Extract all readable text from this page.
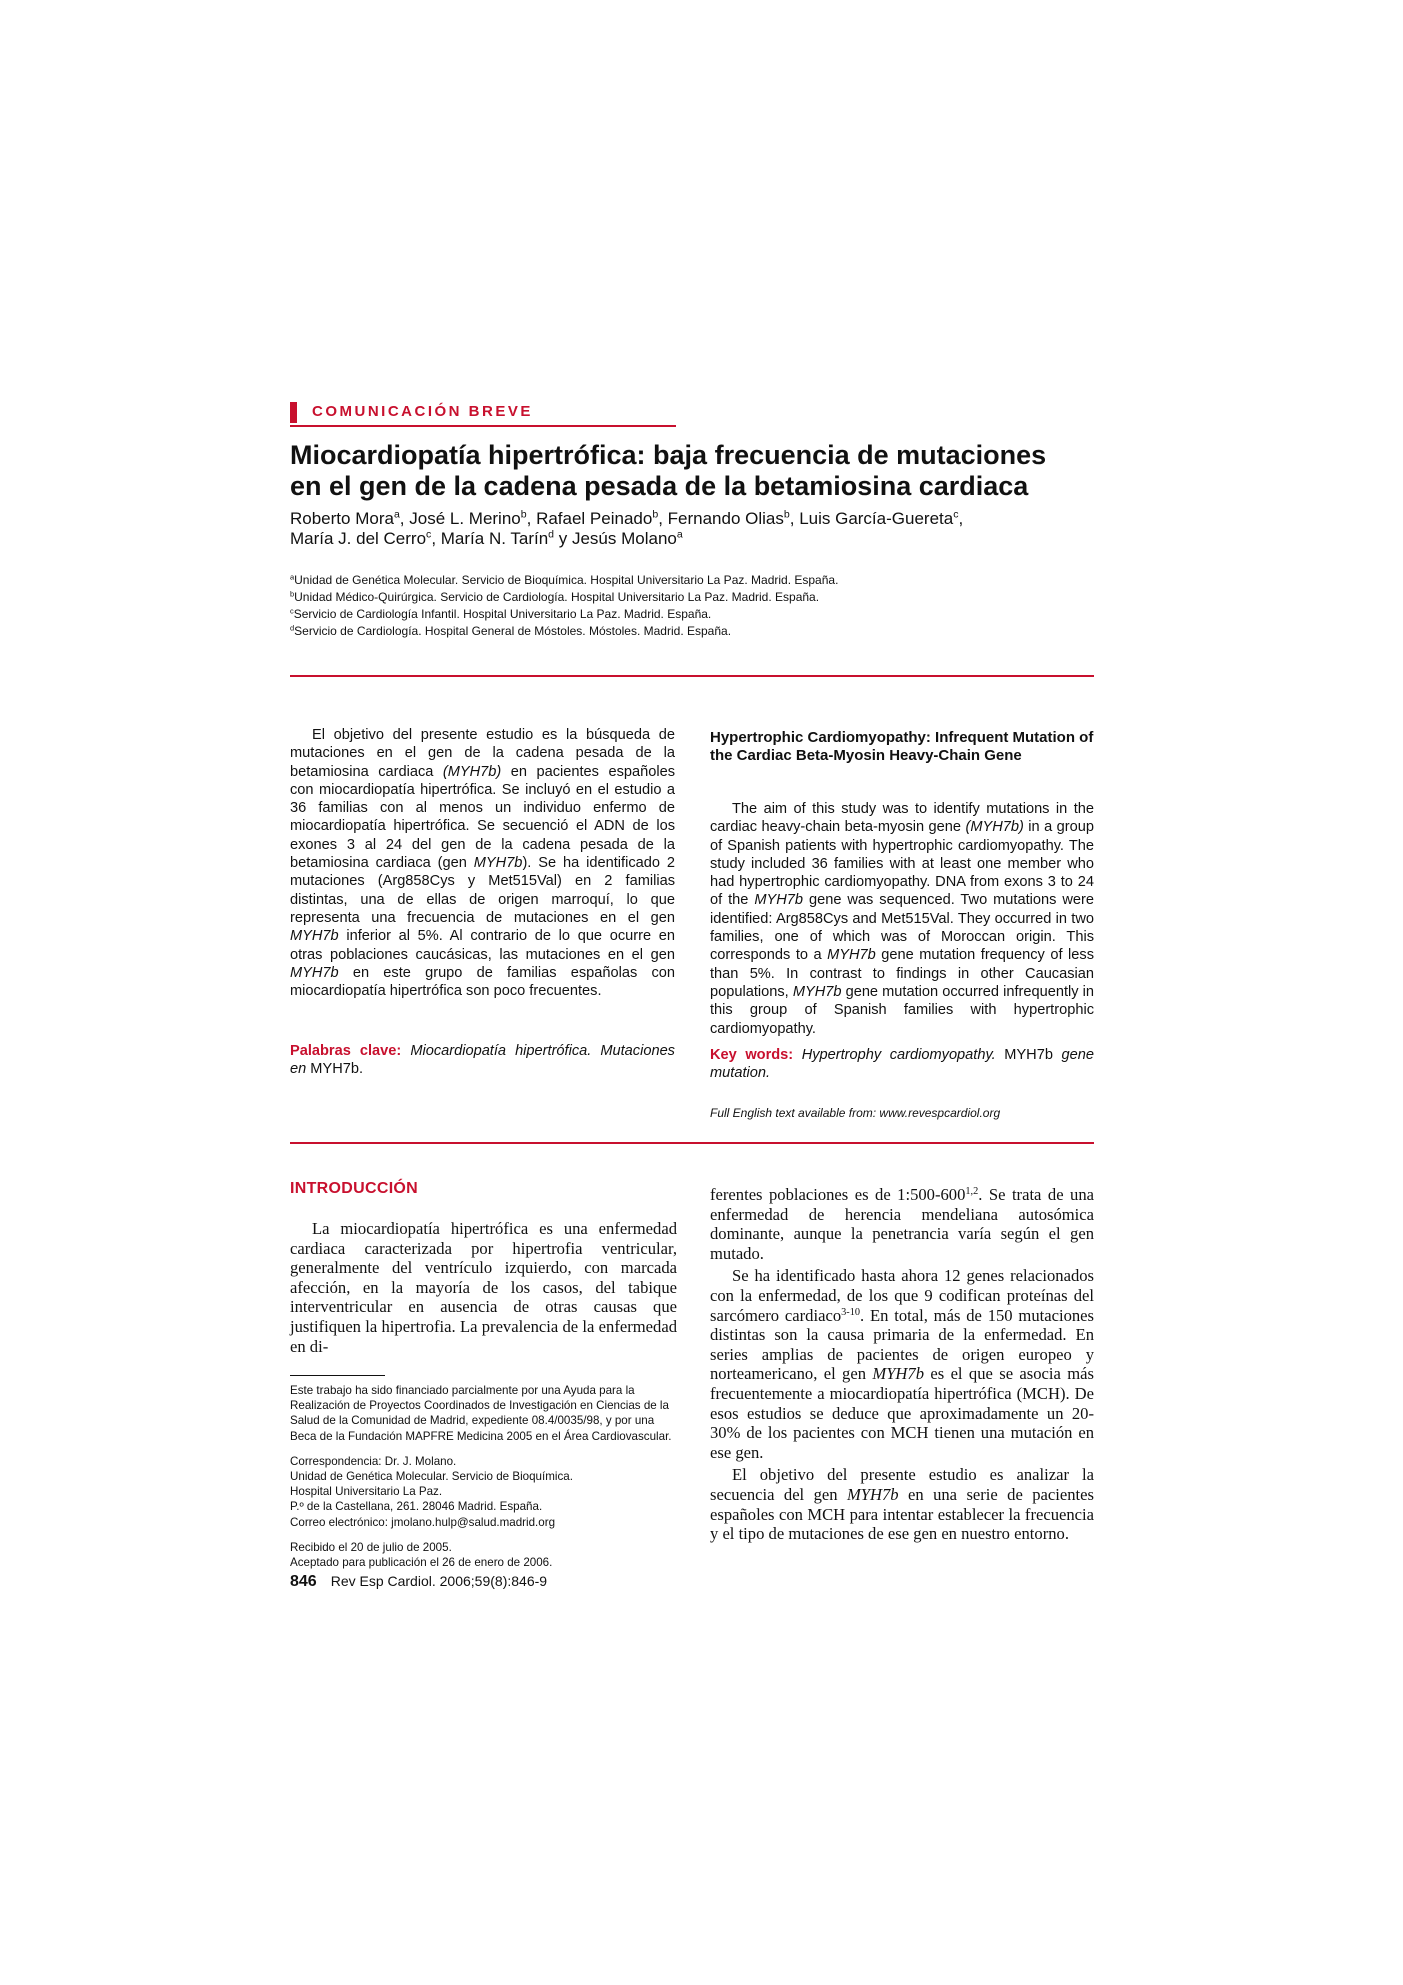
COMUNICACIÓN BREVE
Miocardiopatía hipertrófica: baja frecuencia de mutaciones
en el gen de la cadena pesada de la betamiosina cardiaca
Roberto Mora$^a$, José L. Merino$^b$, Rafael Peinado$^b$, Fernando Olias$^b$, Luis García-Guereta$^c$,
María J. del Cerro$^c$, María N. Tarín$^d$ y Jesús Molano$^a$
$^a$Unidad de Genética Molecular. Servicio de Bioquímica. Hospital Universitario La Paz. Madrid. España.
$^b$Unidad Médico-Quirúrgica. Servicio de Cardiología. Hospital Universitario La Paz. Madrid. España.
$^c$Servicio de Cardiología Infantil. Hospital Universitario La Paz. Madrid. España.
$^d$Servicio de Cardiología. Hospital General de Móstoles. Móstoles. Madrid. España.

El objetivo del presente estudio es la búsqueda de mutaciones en el gen de la cadena pesada de la betamiosina cardiaca (MYH7b) en pacientes españoles con miocardiopatía hipertrófica. Se incluyó en el estudio a 36 familias con al menos un individuo enfermo de miocardiopatía hipertrófica. Se secuenció el ADN de los exones 3 al 24 del gen de la cadena pesada de la betamiosina cardiaca (gen MYH7b). Se ha identificado 2 mutaciones (Arg858Cys y Met515Val) en 2 familias distintas, una de ellas de origen marroquí, lo que representa una frecuencia de mutaciones en el gen MYH7b inferior al 5%. Al contrario de lo que ocurre en otras poblaciones caucásicas, las mutaciones en el gen MYH7b en este grupo de familias españolas con miocardiopatía hipertrófica son poco frecuentes.

Palabras clave: Miocardiopatía hipertrófica. Mutaciones en MYH7b.
Hypertrophic Cardiomyopathy: Infrequent Mutation of the Cardiac Beta-Myosin Heavy-Chain Gene

The aim of this study was to identify mutations in the cardiac heavy-chain beta-myosin gene (MYH7b) in a group of Spanish patients with hypertrophic cardiomyopathy. The study included 36 families with at least one member who had hypertrophic cardiomyopathy. DNA from exons 3 to 24 of the MYH7b gene was sequenced. Two mutations were identified: Arg858Cys and Met515Val. They occurred in two families, one of which was of Moroccan origin. This corresponds to a MYH7b gene mutation frequency of less than 5%. In contrast to findings in other Caucasian populations, MYH7b gene mutation occurred infrequently in this group of Spanish families with hypertrophic cardiomyopathy.

Key words: Hypertrophy cardiomyopathy. MYH7b gene mutation.
Full English text available from: www.revespcardiol.org
INTRODUCCIÓN

La miocardiopatía hipertrófica es una enfermedad cardiaca caracterizada por hipertrofia ventricular, generalmente del ventrículo izquierdo, con marcada afección, en la mayoría de los casos, del tabique interventricular en ausencia de otras causas que justifiquen la hipertrofia. La prevalencia de la enfermedad en di-

ferentes poblaciones es de 1:500-600$^{1,2}$. Se trata de una enfermedad de herencia mendeliana autosómica dominante, aunque la penetrancia varía según el gen mutado.

Se ha identificado hasta ahora 12 genes relacionados con la enfermedad, de los que 9 codifican proteínas del sarcómero cardiaco$^{3-10}$. En total, más de 150 mutaciones distintas son la causa primaria de la enfermedad. En series amplias de pacientes de origen europeo y norteamericano, el gen MYH7b es el que se asocia más frecuentemente a miocardiopatía hipertrófica (MCH). De esos estudios se deduce que aproximadamente un 20-30% de los pacientes con MCH tienen una mutación en ese gen.

El objetivo del presente estudio es analizar la secuencia del gen MYH7b en una serie de pacientes españoles con MCH para intentar establecer la frecuencia y el tipo de mutaciones de ese gen en nuestro entorno.

Este trabajo ha sido financiado parcialmente por una Ayuda para la Realización de Proyectos Coordinados de Investigación en Ciencias de la Salud de la Comunidad de Madrid, expediente 08.4/0035/98, y por una Beca de la Fundación MAPFRE Medicina 2005 en el Área Cardiovascular.
Correspondencia: Dr. J. Molano.
Unidad de Genética Molecular. Servicio de Bioquímica.
Hospital Universitario La Paz.
P.º de la Castellana, 261. 28046 Madrid. España.
Correo electrónico: jmolano.hulp@salud.madrid.org
Recibido el 20 de julio de 2005.
Aceptado para publicación el 26 de enero de 2006.
846 Rev Esp Cardiol. 2006;59(8):846-9
